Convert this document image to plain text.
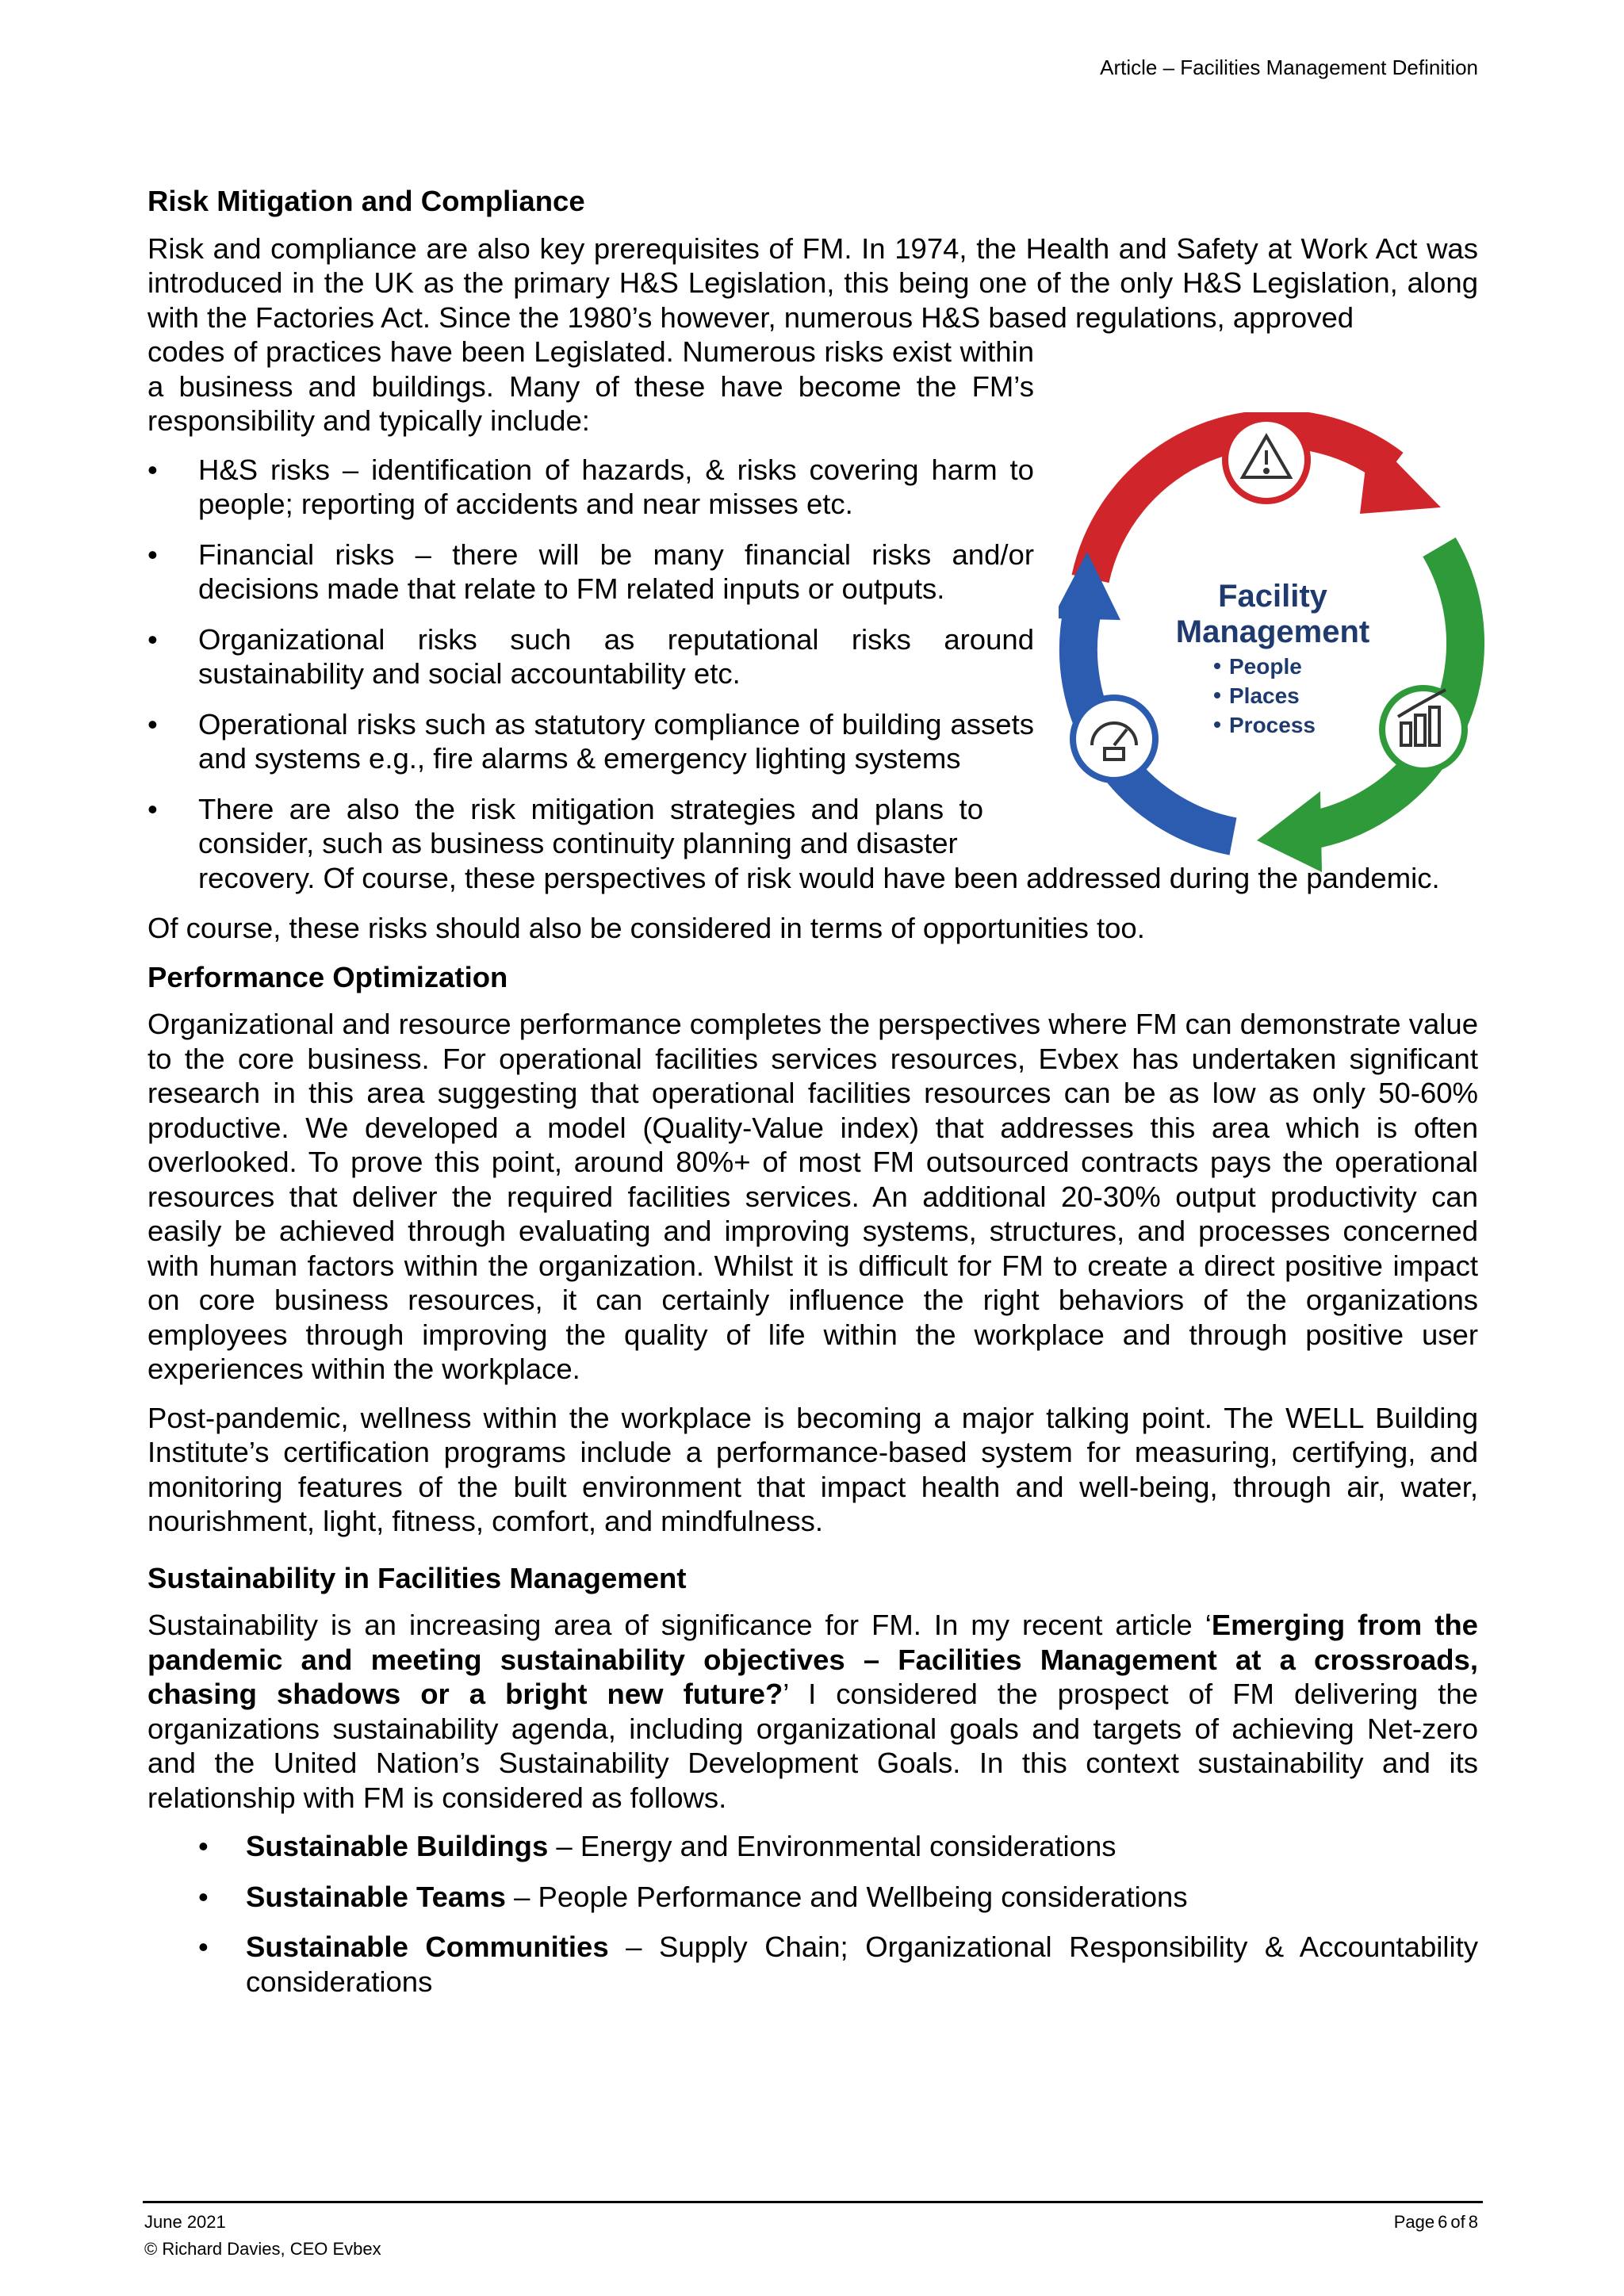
Article – Facilities Management Definition
Facility
Management
People
Places
Process
Risk Mitigation and Compliance

Risk and compliance are also key prerequisites of FM. In 1974, the Health and Safety at Work Act was introduced in the UK as the primary H&S Legislation, this being one of the only H&S Legislation, along with the Factories Act. Since the 1980’s however, numerous H&S based regulations, approved

codes of practices have been Legislated. Numerous risks exist within a business and buildings. Many of these have become the FM’s responsibility and typically include:

• H&S risks – identification of hazards, & risks covering harm to people; reporting of accidents and near misses etc.
• Financial risks – there will be many financial risks and/or decisions made that relate to FM related inputs or outputs.
• Organizational risks such as reputational risks around sustainability and social accountability etc.
• Operational risks such as statutory compliance of building assets and systems e.g., fire alarms & emergency lighting systems
• There are also the risk mitigation strategies and plans to consider, such as business continuity planning and disaster
recovery. Of course, these perspectives of risk would have been addressed during the pandemic.

Of course, these risks should also be considered in terms of opportunities too.

Performance Optimization

Organizational and resource performance completes the perspectives where FM can demonstrate value to the core business. For operational facilities services resources, Evbex has undertaken significant research in this area suggesting that operational facilities resources can be as low as only 50-60% productive. We developed a model (Quality-Value index) that addresses this area which is often overlooked. To prove this point, around 80%+ of most FM outsourced contracts pays the operational resources that deliver the required facilities services. An additional 20-30% output productivity can easily be achieved through evaluating and improving systems, structures, and processes concerned with human factors within the organization. Whilst it is difficult for FM to create a direct positive impact on core business resources, it can certainly influence the right behaviors of the organizations employees through improving the quality of life within the workplace and through positive user experiences within the workplace.

Post-pandemic, wellness within the workplace is becoming a major talking point. The WELL Building Institute’s certification programs include a performance-based system for measuring, certifying, and monitoring features of the built environment that impact health and well-being, through air, water, nourishment, light, fitness, comfort, and mindfulness.

Sustainability in Facilities Management

Sustainability is an increasing area of significance for FM. In my recent article ‘Emerging from the pandemic and meeting sustainability objectives – Facilities Management at a crossroads, chasing shadows or a bright new future?’ I considered the prospect of FM delivering the organizations sustainability agenda, including organizational goals and targets of achieving Net-zero and the United Nation’s Sustainability Development Goals. In this context sustainability and its relationship with FM is considered as follows.

• Sustainable Buildings – Energy and Environmental considerations
• Sustainable Teams – People Performance and Wellbeing considerations
• Sustainable Communities – Supply Chain; Organizational Responsibility & Accountability considerations
June 2021
© Richard Davies, CEO Evbex
Page 6 of 8
